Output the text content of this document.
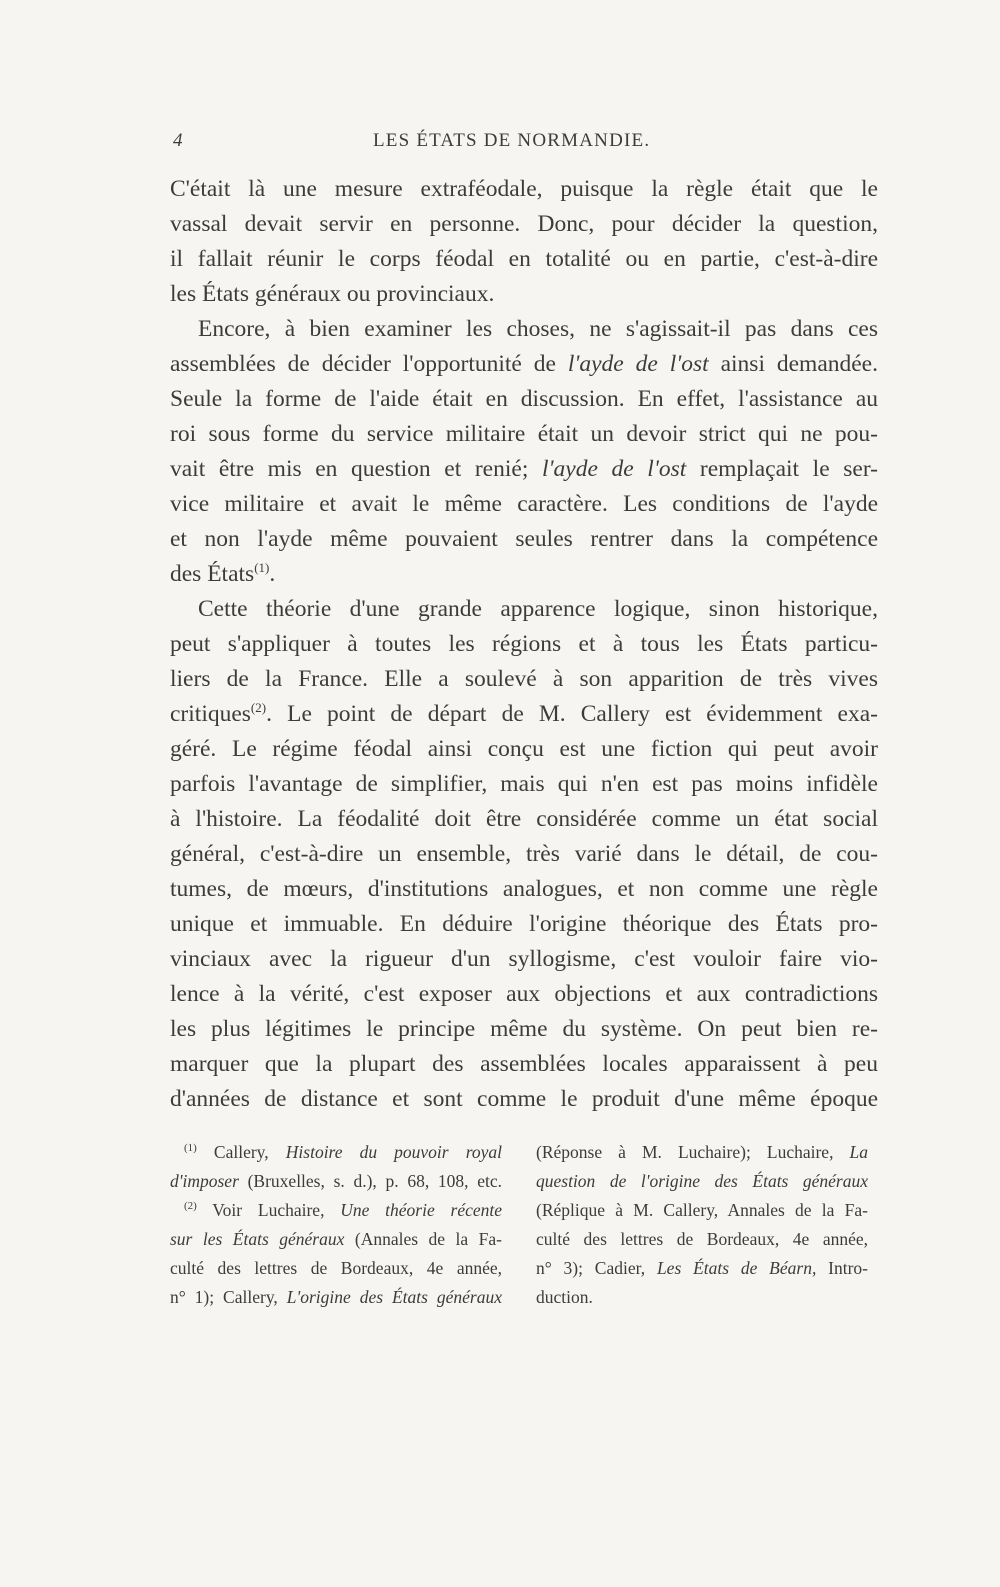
4	LES ÉTATS DE NORMANDIE.
C'était là une mesure extraféodale, puisque la règle était que le
vassal devait servir en personne. Donc, pour décider la question,
il fallait réunir le corps féodal en totalité ou en partie, c'est-à-dire
les États généraux ou provinciaux.
Encore, à bien examiner les choses, ne s'agissait-il pas dans ces
assemblées de décider l'opportunité de l'ayde de l'ost ainsi demandée.
Seule la forme de l'aide était en discussion. En effet, l'assistance au
roi sous forme du service militaire était un devoir strict qui ne pou-
vait être mis en question et renié; l'ayde de l'ost remplaçait le ser-
vice militaire et avait le même caractère. Les conditions de l'ayde
et non l'ayde même pouvaient seules rentrer dans la compétence
des États$^{(1)}$.
Cette théorie d'une grande apparence logique, sinon historique,
peut s'appliquer à toutes les régions et à tous les États particu-
liers de la France. Elle a soulevé à son apparition de très vives
critiques$^{(2)}$. Le point de départ de M. Callery est évidemment exa-
géré. Le régime féodal ainsi conçu est une fiction qui peut avoir
parfois l'avantage de simplifier, mais qui n'en est pas moins infidèle
à l'histoire. La féodalité doit être considérée comme un état social
général, c'est-à-dire un ensemble, très varié dans le détail, de cou-
tumes, de mœurs, d'institutions analogues, et non comme une règle
unique et immuable. En déduire l'origine théorique des États pro-
vinciaux avec la rigueur d'un syllogisme, c'est vouloir faire vio-
lence à la vérité, c'est exposer aux objections et aux contradictions
les plus légitimes le principe même du système. On peut bien re-
marquer que la plupart des assemblées locales apparaissent à peu
d'années de distance et sont comme le produit d'une même époque
$^{(1)}$ Callery, Histoire du pouvoir royal
d'imposer (Bruxelles, s. d.), p. 68, 108, etc.
$^{(2)}$ Voir Luchaire, Une théorie récente
sur les États généraux (Annales de la Fa-
culté des lettres de Bordeaux, 4e année,
n° 1); Callery, L'origine des États généraux
(Réponse à M. Luchaire); Luchaire, La
question de l'origine des États généraux
(Réplique à M. Callery, Annales de la Fa-
culté des lettres de Bordeaux, 4e année,
n° 3); Cadier, Les États de Béarn, Intro-
duction.
